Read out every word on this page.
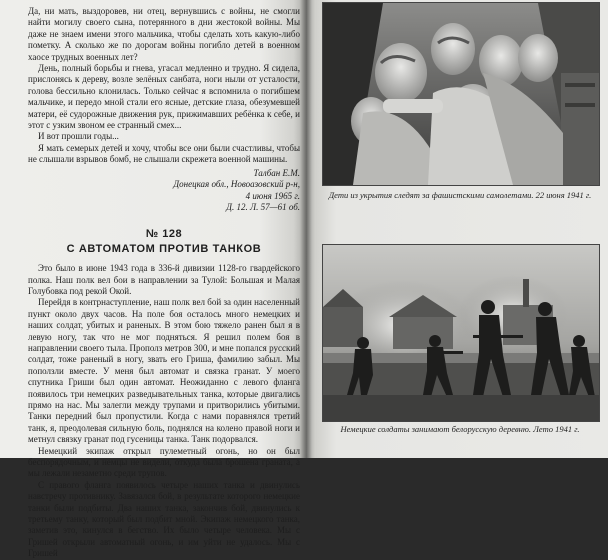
Да, ни мать, выздоровев, ни отец, вернувшись с войны, не смогли найти могилу своего сына, потерянного в дни жестокой войны. Мы даже не знаем имени этого мальчика, чтобы сделать хоть какую-либо пометку. А сколько же по дорогам войны погибло детей в военном хаосе трудных военных лет?

День, полный борьбы и гнева, угасал медленно и трудно. Я сидела, прислонясь к дереву, возле зелёных санбата, ноги ныли от усталости, голова бессильно клонилась. Только сейчас я вспомнила о погибшем мальчике, и передо мной стали его ясные, детские глаза, обезумевшей матери, её судорожные движения рук, прижимавших ребёнка к себе, и этот с узким звоном еe странный смех...

И вот прошли годы...

Я мать семерых детей и хочу, чтобы все они были счастливы, чтобы не слышали взрывов бомб, не слышали скрежета военной машины.

Талбан Е.М.

Донецкая обл., Новоазовский р-н,

4 июня 1965 г.

Д. 12. Л. 57—61 об.

№ 128
С АВТОМАТОМ ПРОТИВ ТАНКОВ

Это было в июне 1943 года в 336-й дивизии 1128-го гвардейского полка. Наш полк вел бои в направлении за Тулой: Большая и Малая Голубовка под рекой Окой.

Перейдя в контрнаступление, наш полк вел бой за один населенный пункт около двух часов. На поле боя осталось много немецких и наших солдат, убитых и раненых. В этом бою тяжело ранен был я в левую ногу, так что не мог подняться. Я решил полем боя в направлении своего тыла. Прополз метров 300, и мне попался русский солдат, тоже раненый в ногу, звать его Гриша, фамилию забыл. Мы поползли вместе. У меня был автомат и связка гранат. У моего спутника Гриши был один автомат. Неожиданно с левого фланга появилось три немецких разведывательных танка, которые двигались прямо на нас. Мы залегли между трупами и притворились убитыми. Танки передний был пропустили. Когда с нами поравнялся третий танк, я, преодолевая сильную боль, поднялся на колено правой ноги и метнул связку гранат под гусеницы танка. Танк подорвался.

Немецкий экипаж открыл пулеметный огонь, но он был беспорядочным, и немцы не видели, откуда была брошена граната, а мы лежали незаметно среди трупов.

С правого фланга появилось четыре наших танка и двинулись навстречу противнику. Завязался бой, в результате которого немецкие танки были подбиты. Два наших танка, закончив бой, двинулись к третьему танку, который был подбит мной. Экипаж немецкого танка, заметив это, кинулся в бегство. Их было четыре человека. Мы с Гришей открыли автоматный огонь, и им уйти не удалось. Мы с Гришей

Дети из укрытия следят за фашистскими самолетами. 22 июня 1941 г.
Немецкие солдаты занимают белорусскую деревню. Лето 1941 г.
